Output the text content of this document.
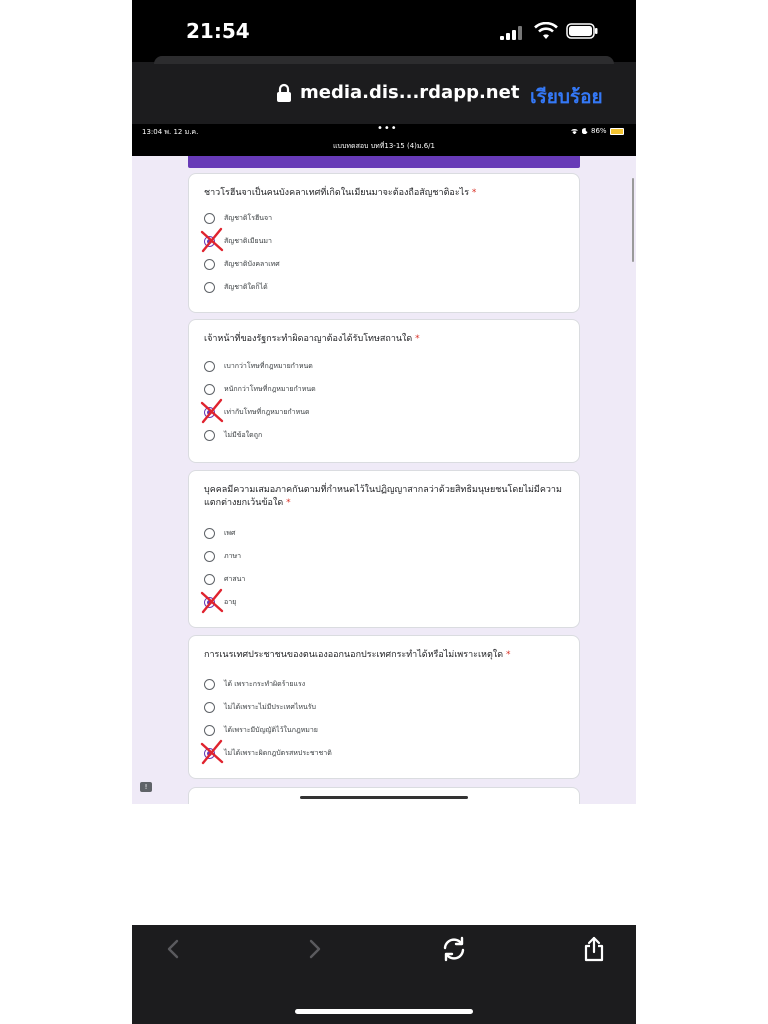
21:54
media.dis...rdapp.net เรียบร้อย
13:04 พ. 12 ม.ค.	•••	86%
แบบทดสอบ บทที่13-15 (4)ม.6/1
ชาวโรฮีนจาเป็นคนบังคลาเทศที่เกิดในเมียนมาจะต้องถือสัญชาติอะไร *
สัญชาติโรฮีนจา
สัญชาติเมียนมา
สัญชาติบังคลาเทศ
สัญชาติใดก็ได้
เจ้าหน้าที่ของรัฐกระทำผิดอาญาต้องได้รับโทษสถานใด *
เบากว่าโทษที่กฎหมายกำหนด
หนักกว่าโทษที่กฎหมายกำหนด
เท่ากับโทษที่กฎหมายกำหนด
ไม่มีข้อใดถูก
บุคคลมีความเสมอภาคกันตามที่กำหนดไว้ในปฏิญญาสากลว่าด้วยสิทธิมนุษยชนโดยไม่มีความแตกต่างยกเว้นข้อใด *
เพศ
ภาษา
ศาสนา
อายุ
การเนรเทศประชาชนของตนเองออกนอกประเทศกระทำได้หรือไม่เพราะเหตุใด *
ได้ เพราะกระทำผิดร้ายแรง
ไม่ได้เพราะไม่มีประเทศไหนรับ
ได้เพราะมีบัญญัติไว้ในกฎหมาย
ไม่ได้เพราะผิดกฎบัตรสหประชาชาติ
!
